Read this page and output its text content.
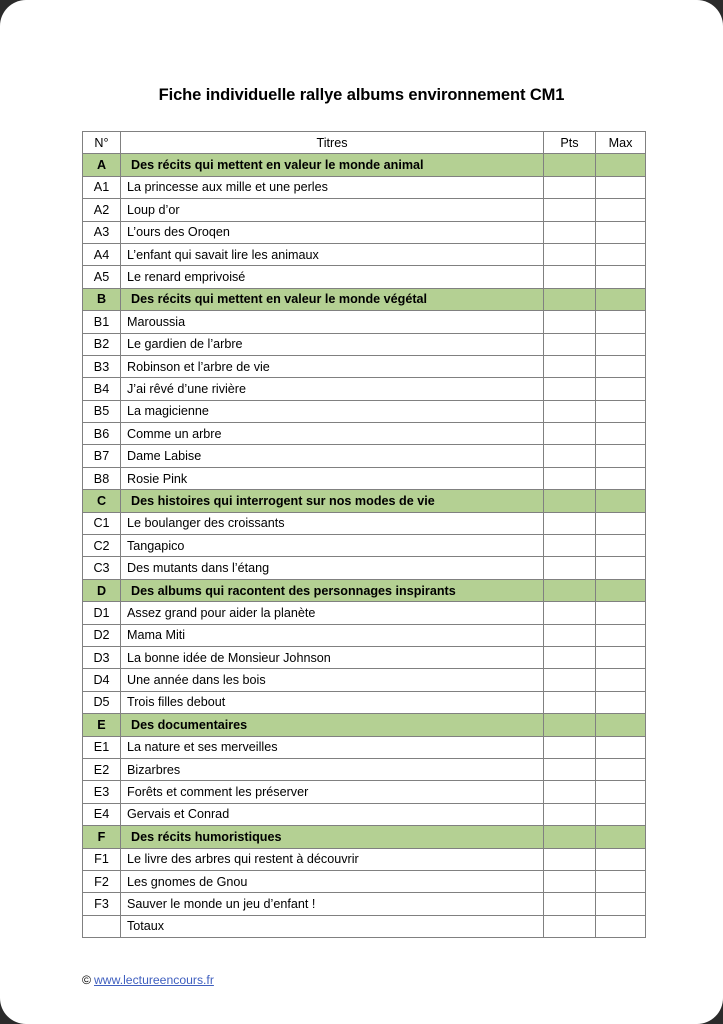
Fiche individuelle rallye albums environnement CM1
N°	Titres	Pts	Max
A	Des récits qui mettent en valeur le monde animal		
A1	La princesse aux mille et une perles		
A2	Loup d’or		
A3	L’ours des Oroqen		
A4	L’enfant qui savait lire les animaux		
A5	Le renard emprivoisé		
B	Des récits qui mettent en valeur le monde végétal		
B1	Maroussia		
B2	Le gardien de l’arbre		
B3	Robinson et l’arbre de vie		
B4	J’ai rêvé d’une rivière		
B5	La magicienne		
B6	Comme un arbre		
B7	Dame Labise		
B8	Rosie Pink		
C	Des histoires qui interrogent sur nos modes de vie		
C1	Le boulanger des croissants		
C2	Tangapico		
C3	Des mutants dans l’étang		
D	Des albums qui racontent des personnages inspirants		
D1	Assez grand pour aider la planète		
D2	Mama Miti		
D3	La bonne idée de Monsieur Johnson		
D4	Une année dans les bois		
D5	Trois filles debout		
E	Des documentaires		
E1	La nature et ses merveilles		
E2	Bizarbres		
E3	Forêts et comment les préserver		
E4	Gervais et Conrad		
F	Des récits humoristiques		
F1	Le livre des arbres qui restent à découvrir		
F2	Les gnomes de Gnou		
F3	Sauver le monde un jeu d’enfant !		
	Totaux		
© www.lectureencours.fr
